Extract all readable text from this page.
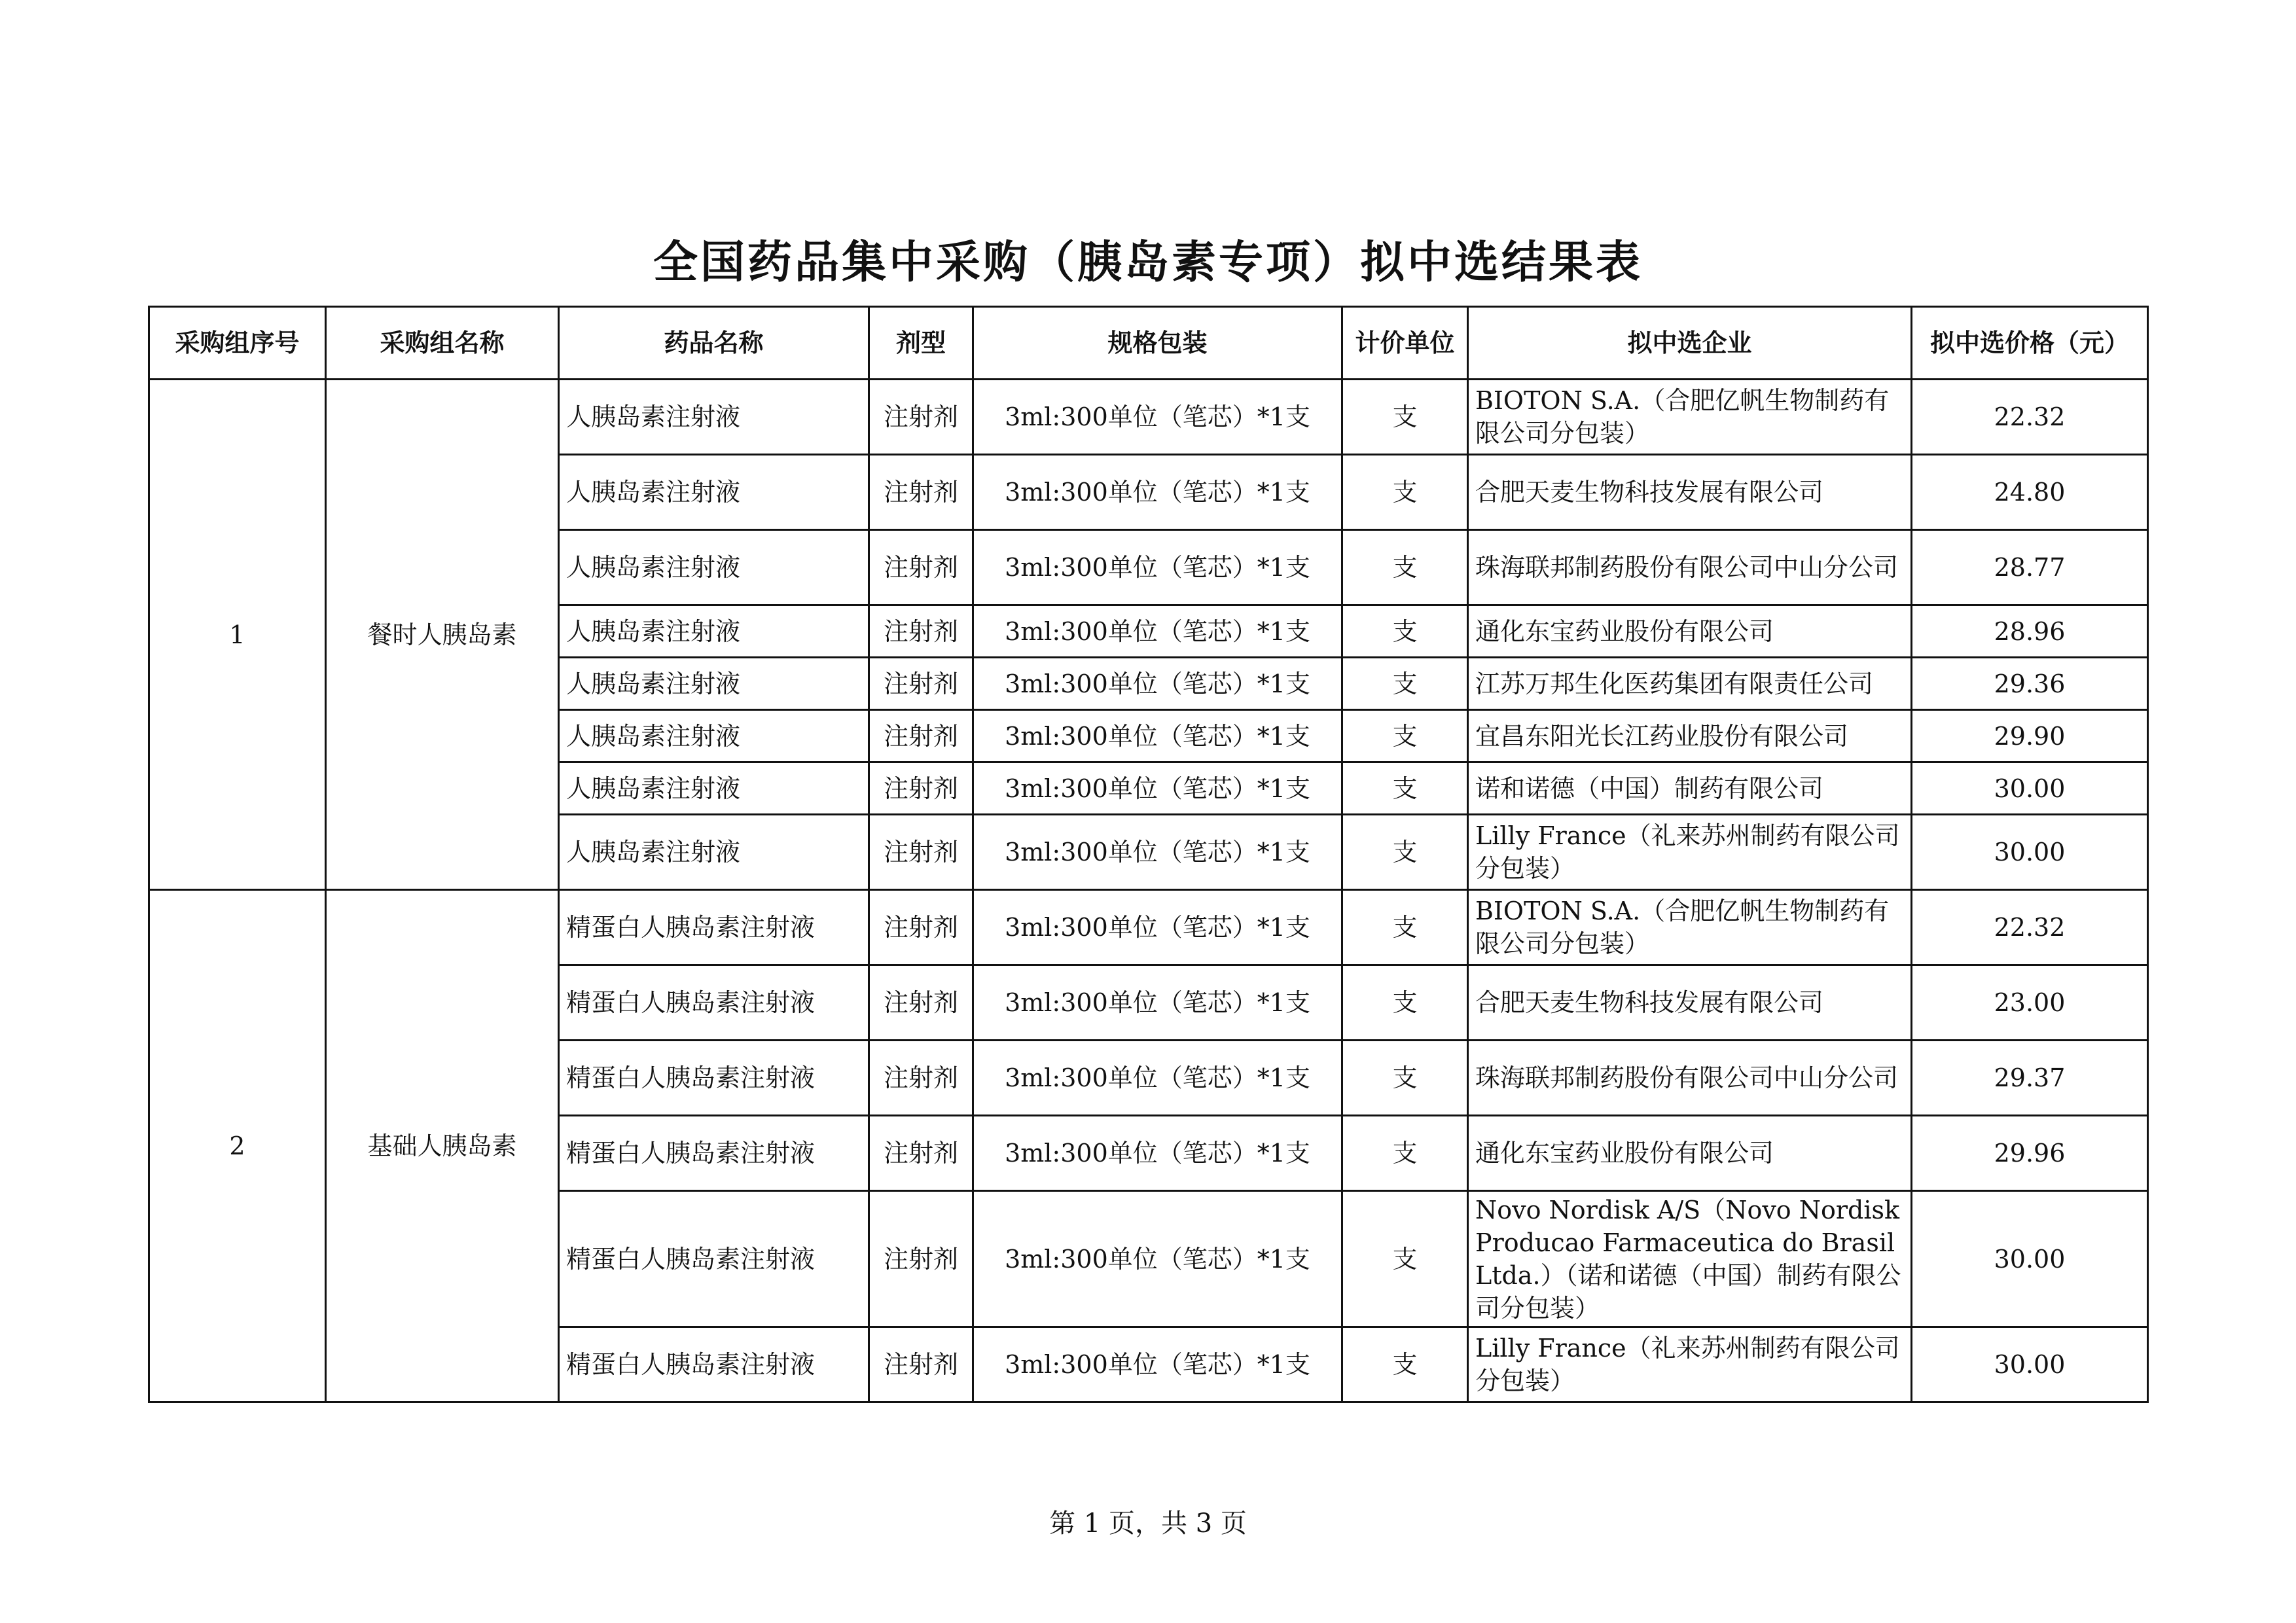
全国药品集中采购（胰岛素专项）拟中选结果表
采购组序号	采购组名称	药品名称	剂型	规格包装	计价单位	拟中选企业	拟中选价格（元）
1	餐时人胰岛素	人胰岛素注射液	注射剂	3ml:300单位（笔芯）*1支	支	BIOTON S.A.（合肥亿帆生物制药有限公司分包装）	22.32
		人胰岛素注射液	注射剂	3ml:300单位（笔芯）*1支	支	合肥天麦生物科技发展有限公司	24.80
		人胰岛素注射液	注射剂	3ml:300单位（笔芯）*1支	支	珠海联邦制药股份有限公司中山分公司	28.77
		人胰岛素注射液	注射剂	3ml:300单位（笔芯）*1支	支	通化东宝药业股份有限公司	28.96
		人胰岛素注射液	注射剂	3ml:300单位（笔芯）*1支	支	江苏万邦生化医药集团有限责任公司	29.36
		人胰岛素注射液	注射剂	3ml:300单位（笔芯）*1支	支	宜昌东阳光长江药业股份有限公司	29.90
		人胰岛素注射液	注射剂	3ml:300单位（笔芯）*1支	支	诺和诺德（中国）制药有限公司	30.00
		人胰岛素注射液	注射剂	3ml:300单位（笔芯）*1支	支	Lilly France（礼来苏州制药有限公司分包装）	30.00
2	基础人胰岛素	精蛋白人胰岛素注射液	注射剂	3ml:300单位（笔芯）*1支	支	BIOTON S.A.（合肥亿帆生物制药有限公司分包装）	22.32
		精蛋白人胰岛素注射液	注射剂	3ml:300单位（笔芯）*1支	支	合肥天麦生物科技发展有限公司	23.00
		精蛋白人胰岛素注射液	注射剂	3ml:300单位（笔芯）*1支	支	珠海联邦制药股份有限公司中山分公司	29.37
		精蛋白人胰岛素注射液	注射剂	3ml:300单位（笔芯）*1支	支	通化东宝药业股份有限公司	29.96
		精蛋白人胰岛素注射液	注射剂	3ml:300单位（笔芯）*1支	支	Novo Nordisk A/S（Novo Nordisk Producao Farmaceutica do Brasil Ltda.）（诺和诺德（中国）制药有限公司分包装）	30.00
		精蛋白人胰岛素注射液	注射剂	3ml:300单位（笔芯）*1支	支	Lilly France（礼来苏州制药有限公司分包装）	30.00
第 1 页，共 3 页
